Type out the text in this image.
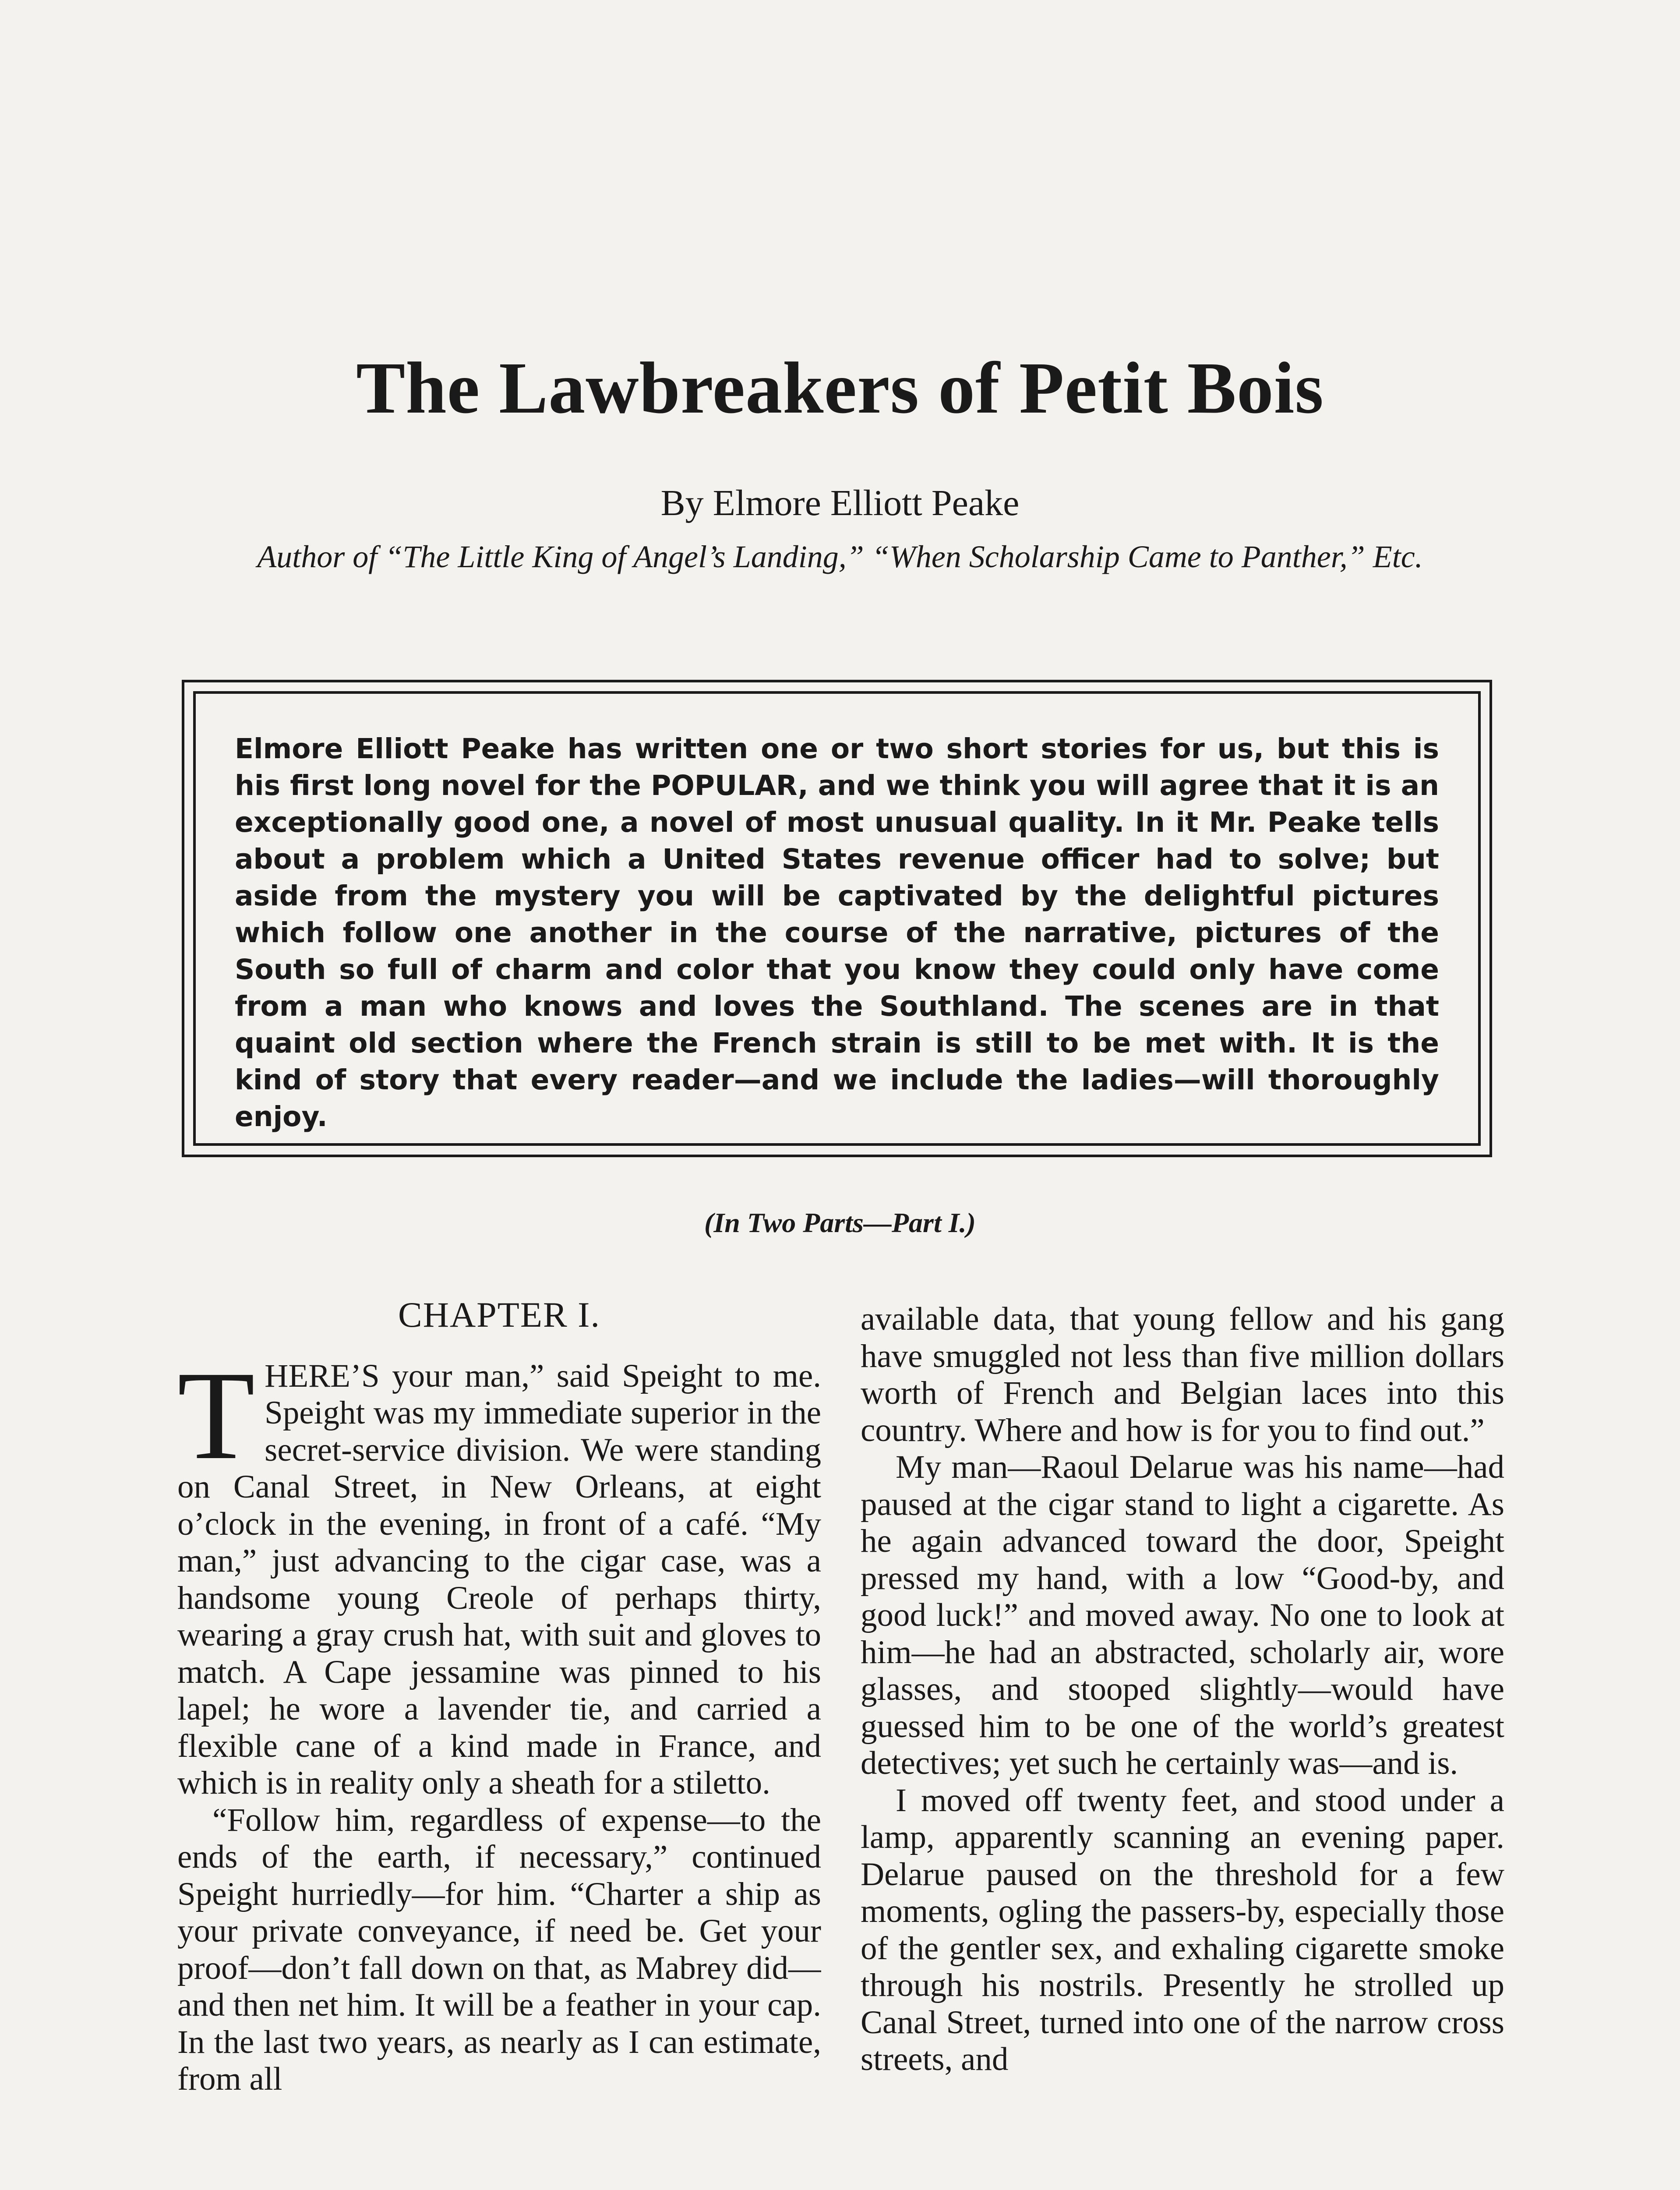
The Lawbreakers of Petit Bois
By Elmore Elliott Peake
Author of “The Little King of Angel’s Landing,” “When Scholarship Came to Panther,” Etc.
Elmore Elliott Peake has written one or two short stories for us, but this is his first long novel for the POPULAR, and we think you will agree that it is an exceptionally good one, a novel of most unusual quality. In it Mr. Peake tells about a problem which a United States revenue officer had to solve; but aside from the mystery you will be captivated by the delightful pictures which follow one another in the course of the narrative, pictures of the South so full of charm and color that you know they could only have come from a man who knows and loves the Southland. The scenes are in that quaint old section where the French strain is still to be met with. It is the kind of story that every reader—and we include the ladies—will thoroughly enjoy.
(In Two Parts—Part I.)
CHAPTER I.
T HERE’S your man,” said Speight to me. Speight was my immediate superior in the secret-service division. We were standing on Canal Street, in New Orleans, at eight o’clock in the evening, in front of a café. “My man,” just advancing to the cigar case, was a handsome young Creole of perhaps thirty, wearing a gray crush hat, with suit and gloves to match. A Cape jessamine was pinned to his lapel; he wore a lavender tie, and carried a flexible cane of a kind made in France, and which is in reality only a sheath for a stiletto.

“Follow him, regardless of expense—to the ends of the earth, if necessary,” continued Speight hurriedly—for him. “Charter a ship as your private conveyance, if need be. Get your proof—don’t fall down on that, as Mabrey did—and then net him. It will be a feather in your cap. In the last two years, as nearly as I can estimate, from all

available data, that young fellow and his gang have smuggled not less than five million dollars worth of French and Belgian laces into this country. Where and how is for you to find out.”

My man—Raoul Delarue was his name—had paused at the cigar stand to light a cigarette. As he again advanced toward the door, Speight pressed my hand, with a low “Good-by, and good luck!” and moved away. No one to look at him—he had an abstracted, scholarly air, wore glasses, and stooped slightly—would have guessed him to be one of the world’s greatest detectives; yet such he certainly was—and is.

I moved off twenty feet, and stood under a lamp, apparently scanning an evening paper. Delarue paused on the threshold for a few moments, ogling the passers-by, especially those of the gentler sex, and exhaling cigarette smoke through his nostrils. Presently he strolled up Canal Street, turned into one of the narrow cross streets, and
